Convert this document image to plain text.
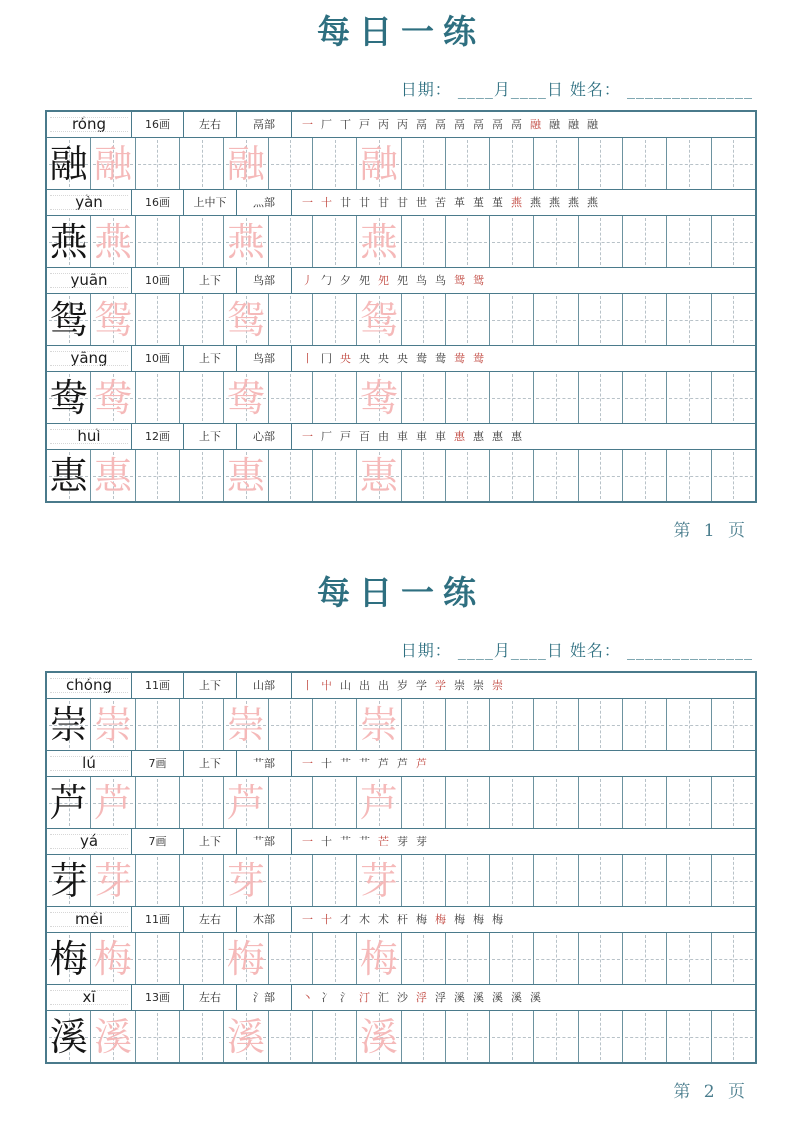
每日一练
日期： ____月____日 姓名： ______________
róng	16画	左右	鬲部	一 厂 丅 戸 丙 丙 鬲 鬲 鬲 鬲 鬲 鬲 融 融 融 融
融 融 融 融
yàn	16画	上中下	灬部	一 十 廿 廿 甘 甘 世 苦 革 堇 堇 燕 燕 燕 燕 燕
燕 燕 燕 燕
yuān	10画	上下	鸟部	丿 勹 夕 夗 夗 夗 鸟 鸟 鸳 鸳
鸳 鸳 鸳 鸳
yāng	10画	上下	鸟部	丨 冂 央 央 央 央 鸯 鸯 鸯 鸯
鸯 鸯 鸯 鸯
huì	12画	上下	心部	一 厂 戸 百 由 車 車 車 惠 惠 惠 惠
惠 惠 惠 惠
第 1 页
每日一练
日期： ____月____日 姓名： ______________
chóng	11画	上下	山部	丨 屮 山 出 出 岁 学 学 崇 崇 崇
崇 崇 崇 崇
lú	7画	上下	艹部	一 十 艹 艹 芦 芦 芦
芦 芦 芦 芦
yá	7画	上下	艹部	一 十 艹 艹 芒 芽 芽
芽 芽 芽 芽
méi	11画	左右	木部	一 十 才 木 术 杆 梅 梅 梅 梅 梅
梅 梅 梅 梅
xī	13画	左右	氵部	丶 冫 氵 汀 汇 沙 浮 浮 溪 溪 溪 溪 溪
溪 溪 溪 溪
第 2 页
